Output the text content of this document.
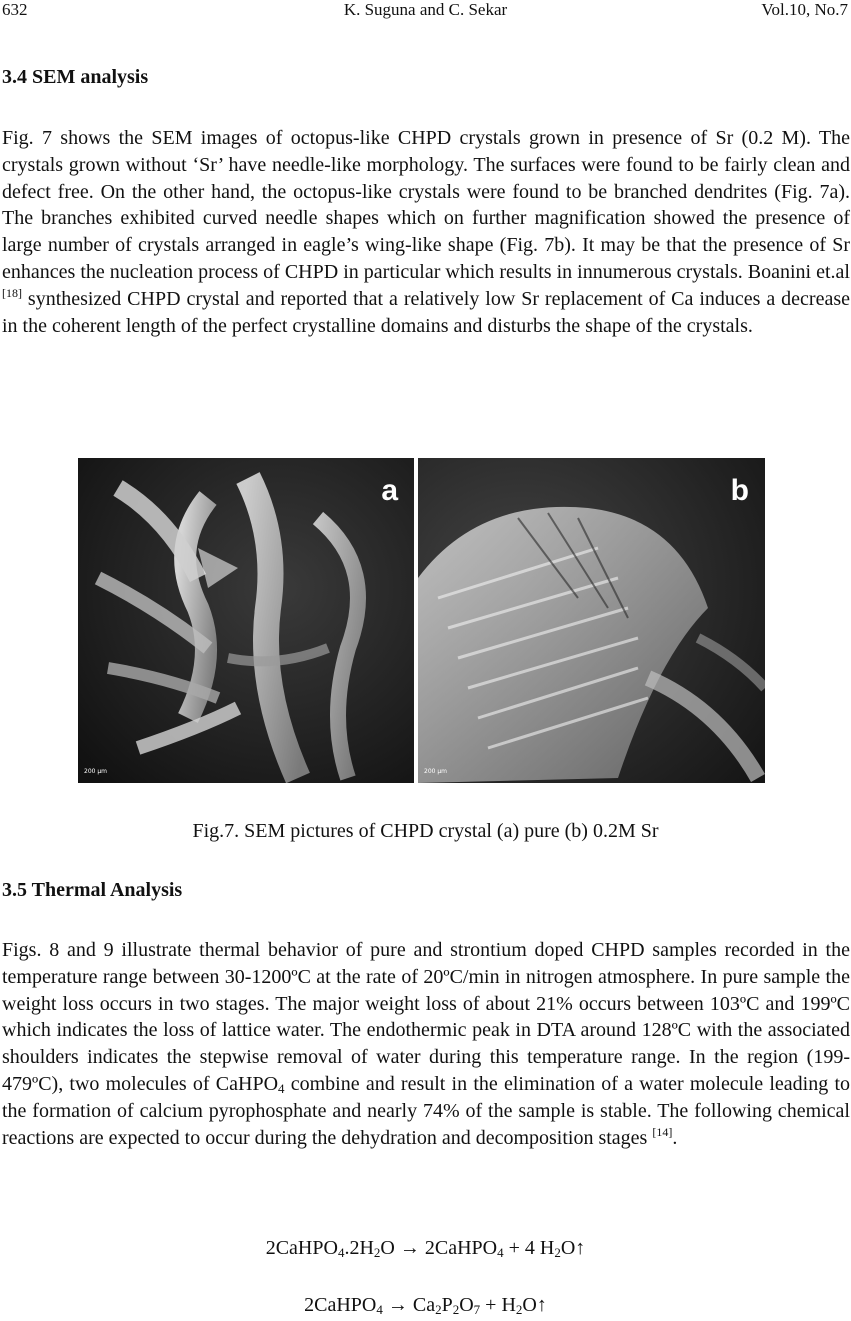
K. Suguna and C. Sekar
632	Vol.10, No.7
3.4 SEM analysis

Fig. 7 shows the SEM images of octopus-like CHPD crystals grown in presence of Sr (0.2 M). The crystals grown without ‘Sr’ have needle-like morphology. The surfaces were found to be fairly clean and defect free. On the other hand, the octopus-like crystals were found to be branched dendrites (Fig. 7a). The branches exhibited curved needle shapes which on further magnification showed the presence of large number of crystals arranged in eagle’s wing-like shape (Fig. 7b). It may be that the presence of Sr enhances the nucleation process of CHPD in particular which results in innumerous crystals. Boanini et.al [18] synthesized CHPD crystal and reported that a relatively low Sr replacement of Ca induces a decrease in the coherent length of the perfect crystalline domains and disturbs the shape of the crystals.

a
200 µm
b
200 µm

Fig.7. SEM pictures of CHPD crystal (a) pure (b) 0.2M Sr

3.5 Thermal Analysis

Figs. 8 and 9 illustrate thermal behavior of pure and strontium doped CHPD samples recorded in the temperature range between 30-1200ºC at the rate of 20ºC/min in nitrogen atmosphere. In pure sample the weight loss occurs in two stages. The major weight loss of about 21% occurs between 103ºC and 199ºC which indicates the loss of lattice water. The endothermic peak in DTA around 128ºC with the associated shoulders indicates the stepwise removal of water during this temperature range. In the region (199-479ºC), two molecules of CaHPO$_4$ combine and result in the elimination of a water molecule leading to the formation of calcium pyrophosphate and nearly 74% of the sample is stable. The following chemical reactions are expected to occur during the dehydration and decomposition stages [14].

$2CaHPO_4.2H_2O$ → 2CaHPO$_4$ + 4 $H_2O↑$

2CaHPO$_4$ → $Ca_2P_2O_7$ + $H_2O↑$
